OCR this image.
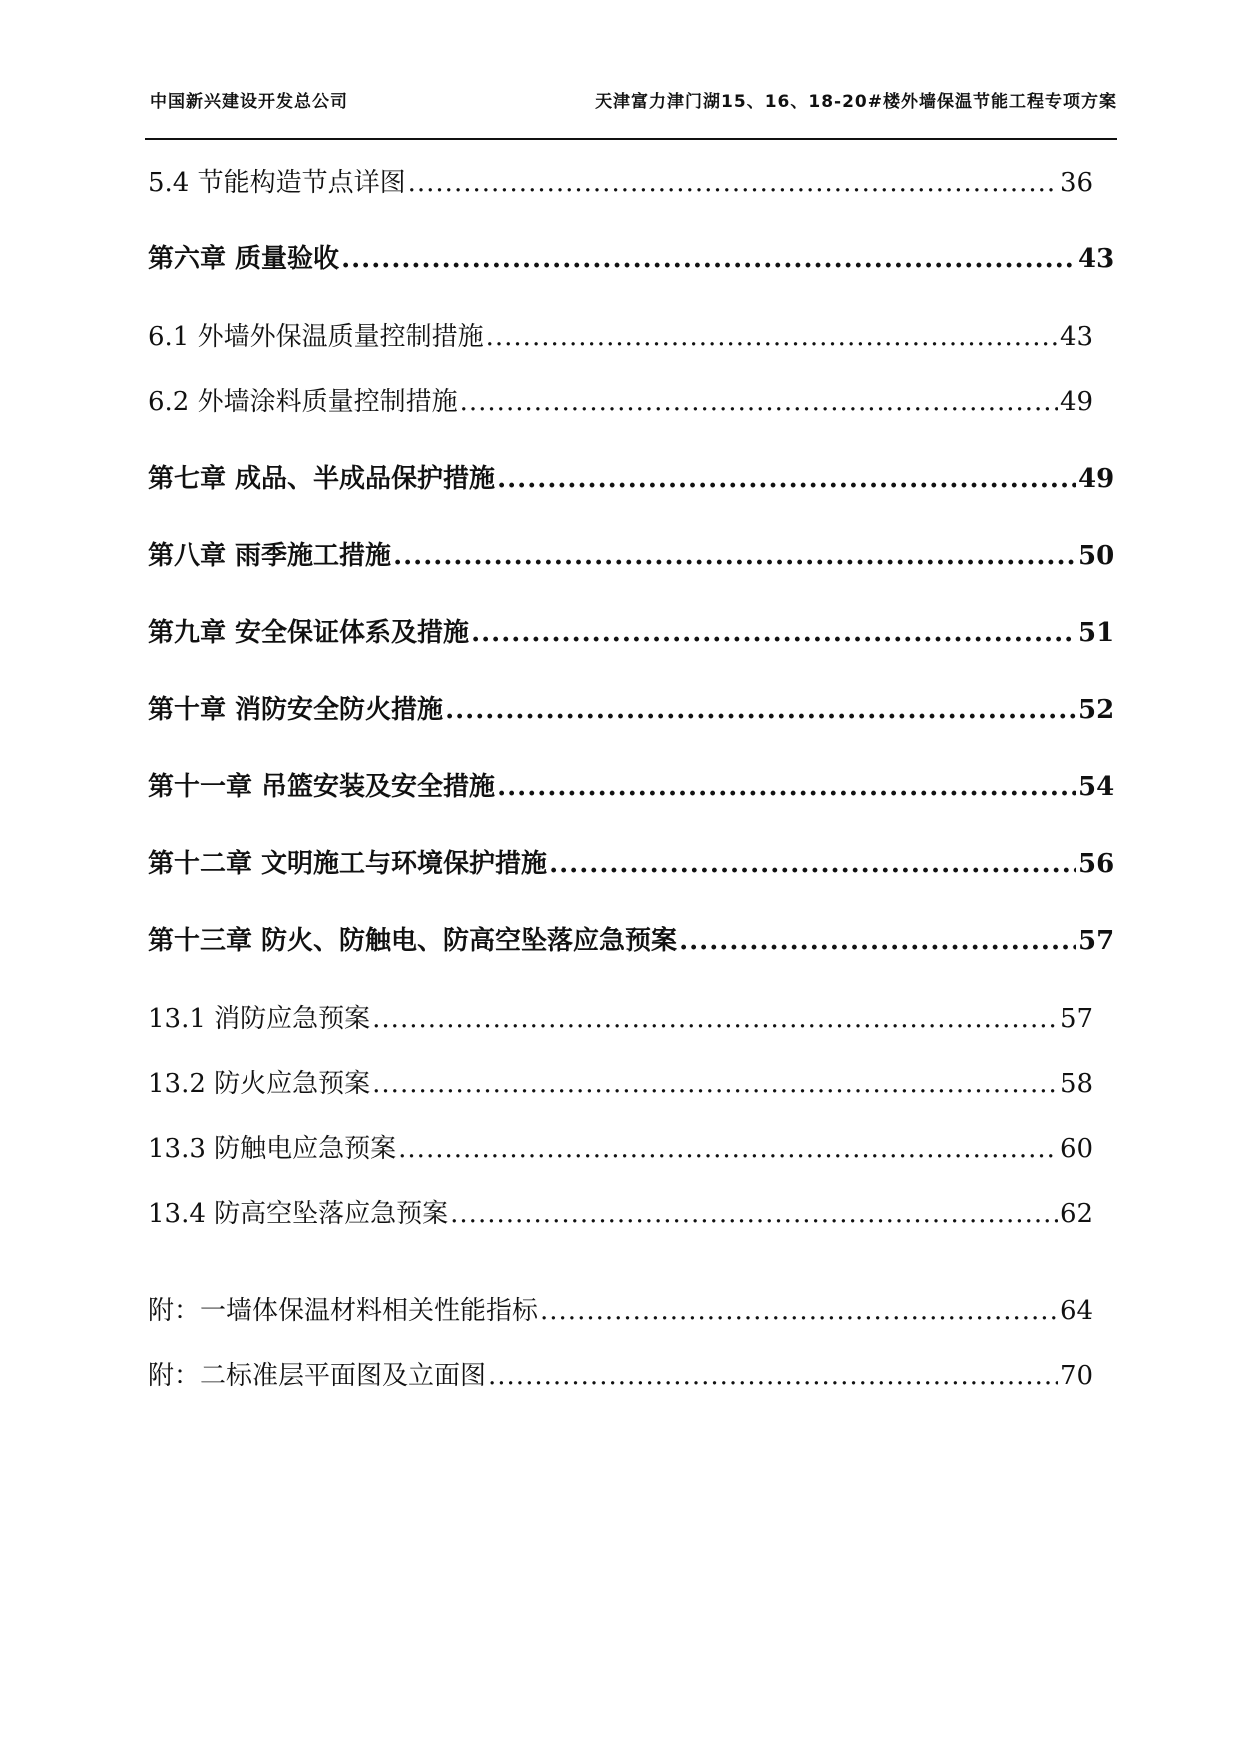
中国新兴建设开发总公司	天津富力津门湖15、16、18-20#楼外墙保温节能工程专项方案
5.4 节能构造节点详图 .....	36
第六章 质量验收 .....	43
6.1 外墙外保温质量控制措施 .....	43
6.2 外墙涂料质量控制措施 .....	49
第七章 成品、半成品保护措施 .....	49
第八章 雨季施工措施 .....	50
第九章 安全保证体系及措施 .....	51
第十章 消防安全防火措施 .....	52
第十一章 吊篮安装及安全措施 .....	54
第十二章 文明施工与环境保护措施 .....	56
第十三章 防火、防触电、防高空坠落应急预案 .....	57
13.1 消防应急预案 .....	57
13.2 防火应急预案 .....	58
13.3 防触电应急预案 .....	60
13.4 防高空坠落应急预案 .....	62
附：一墙体保温材料相关性能指标 .....	64
附：二标准层平面图及立面图 .....	70
